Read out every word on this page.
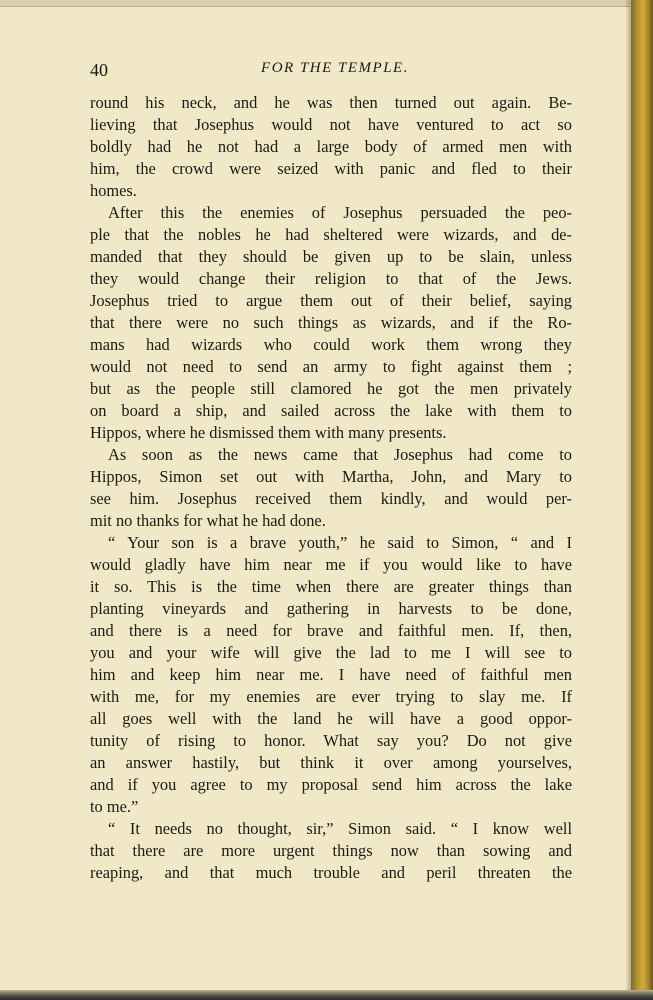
40	FOR THE TEMPLE.
round his neck, and he was then turned out again. Be-
lieving that Josephus would not have ventured to act so
boldly had he not had a large body of armed men with
him, the crowd were seized with panic and fled to their
homes.
After this the enemies of Josephus persuaded the peo-
ple that the nobles he had sheltered were wizards, and de-
manded that they should be given up to be slain, unless
they would change their religion to that of the Jews.
Josephus tried to argue them out of their belief, saying
that there were no such things as wizards, and if the Ro-
mans had wizards who could work them wrong they
would not need to send an army to fight against them ;
but as the people still clamored he got the men privately
on board a ship, and sailed across the lake with them to
Hippos, where he dismissed them with many presents.
As soon as the news came that Josephus had come to
Hippos, Simon set out with Martha, John, and Mary to
see him. Josephus received them kindly, and would per-
mit no thanks for what he had done.
“ Your son is a brave youth,” he said to Simon, “ and I
would gladly have him near me if you would like to have
it so. This is the time when there are greater things than
planting vineyards and gathering in harvests to be done,
and there is a need for brave and faithful men. If, then,
you and your wife will give the lad to me I will see to
him and keep him near me. I have need of faithful men
with me, for my enemies are ever trying to slay me. If
all goes well with the land he will have a good oppor-
tunity of rising to honor. What say you? Do not give
an answer hastily, but think it over among yourselves,
and if you agree to my proposal send him across the lake
to me.”
“ It needs no thought, sir,” Simon said. “ I know well
that there are more urgent things now than sowing and
reaping, and that much trouble and peril threaten the
